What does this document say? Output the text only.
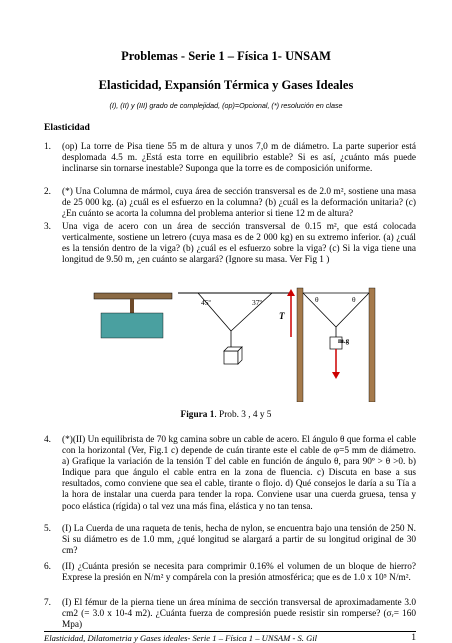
Problemas - Serie 1 – Física 1- UNSAM
Elasticidad, Expansión Térmica y Gases Ideales
(I), (II) y (III) grado de complejidad, (op)=Opcional, (*) resolución en clase
Elasticidad
1. (op) La torre de Pisa tiene 55 m de altura y unos 7,0 m de diámetro. La parte superior está desplomada 4.5 m. ¿Está esta torre en equilibrio estable? Si es así, ¿cuánto más puede inclinarse sin tornarse inestable? Suponga que la torre es de composición uniforme.
2. (*) Una Columna de mármol, cuya área de sección transversal es de 2.0 m², sostiene una masa de 25 000 kg. (a) ¿cuál es el esfuerzo en la columna? (b) ¿cuál es la deformación unitaria? (c) ¿En cuánto se acorta la columna del problema anterior si tiene 12 m de altura?
3. Una viga de acero con un área de sección transversal de 0.15 m², que está colocada verticalmente, sostiene un letrero (cuya masa es de 2 000 kg) en su extremo inferior. (a) ¿cuál es la tensión dentro de la viga? (b) ¿cuál es el esfuerzo sobre la viga? (c) Si la viga tiene una longitud de 9.50 m, ¿en cuánto se alargará? (Ignore su masa. Ver Fig 1 )
45º	37º	θ	θ
T
m.g
Figura 1. Prob. 3 , 4 y 5
4. (*)(II) Un equilibrista de 70 kg camina sobre un cable de acero. El ángulo θ que forma el cable con la horizontal (Ver, Fig.1 c) depende de cuán tirante este el cable de φ=5 mm de diámetro. a) Grafique la variación de la tensión T del cable en función de ángulo θ, para 90º > θ >0. b) Indique para que ángulo el cable entra en la zona de fluencia. c) Discuta en base a sus resultados, como conviene que sea el cable, tirante o flojo. d) Qué consejos le daría a su Tía a la hora de instalar una cuerda para tender la ropa. Conviene usar una cuerda gruesa, tensa y poco elástica (rígida) o tal vez una más fina, elástica y no tan tensa.
5. (I) La Cuerda de una raqueta de tenis, hecha de nylon, se encuentra bajo una tensión de 250 N. Si su diámetro es de 1.0 mm, ¿qué longitud se alargará a partir de su longitud original de 30 cm?
6. (II) ¿Cuánta presión se necesita para comprimir 0.16% el volumen de un bloque de hierro? Exprese la presión en N/m² y compárela con la presión atmosférica; que es de 1.0 x 10⁵ N/m².
7. (I) El fémur de la pierna tiene un área mínima de sección transversal de aproximadamente 3.0 cm2 (= 3.0 x 10-4 m2). ¿Cuánta fuerza de compresión puede resistir sin romperse? (σᵣ= 160 Mpa)
Elasticidad, Dilatometria y Gases ideales- Serie 1 – Física 1 – UNSAM - S. Gil	1
